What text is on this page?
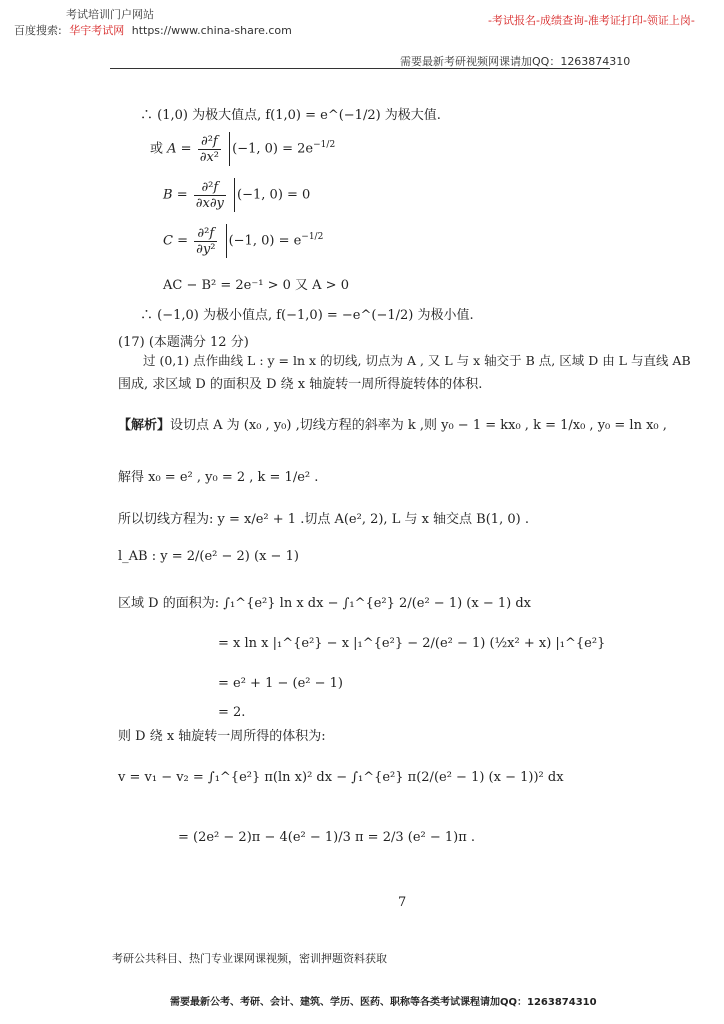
考试培训门户网站
百度搜索: 华宇考试网 https://www.china-share.com
-考试报名-成绩查询-准考证打印-领证上岗-
需要最新考研视频网课请加QQ：1263874310
∴ (1,0) 为极大值点, f(1,0) = e^(−1/2) 为极大值.
或 $A = \frac{\text{∂²f}}{\text{∂x²}} (-1$, $0) = 2e^{-1/2}$
$B = \frac{\text{∂²f}}{\partial x\partial y} (-1$, 0) = 0
$C = \frac{\text{∂²f}}{\text{∂y²}} (-1$, $0) = e^{-1/2}$
AC − B² = 2e⁻¹ > 0 又 A > 0
∴ (−1,0) 为极小值点, f(−1,0) = −e^(−1/2) 为极小值.
(17) (本题满分 12 分)
过 (0,1) 点作曲线 L : y = ln x 的切线, 切点为 A , 又 L 与 x 轴交于 B 点, 区域 D 由 L 与直线 AB
围成, 求区域 D 的面积及 D 绕 x 轴旋转一周所得旋转体的体积.
【解析】设切点 A 为 (x₀ , y₀) ,切线方程的斜率为 k ,则 y₀ − 1 = kx₀ , k = 1/x₀ , y₀ = ln x₀ ,
解得 x₀ = e² , y₀ = 2 , k = 1/e² .
所以切线方程为: y = x/e² + 1 .切点 A(e², 2), L 与 x 轴交点 B(1, 0) .
l_AB : y = 2/(e² − 2) (x − 1)
区域 D 的面积为: ∫₁^{e²} ln x dx − ∫₁^{e²} 2/(e² − 1) (x − 1) dx
= x ln x |₁^{e²} − x |₁^{e²} − 2/(e² − 1) (½x² + x) |₁^{e²}
= e² + 1 − (e² − 1)
= 2.
则 D 绕 x 轴旋转一周所得的体积为:
v = v₁ − v₂ = ∫₁^{e²} π(ln x)² dx − ∫₁^{e²} π(2/(e² − 1) (x − 1))² dx
= (2e² − 2)π − 4(e² − 1)/3 π = 2/3 (e² − 1)π .
7
考研公共科目、热门专业课网课视频，密训押题资料获取
需要最新公考、考研、会计、建筑、学历、医药、职称等各类考试课程请加QQ：1263874310
